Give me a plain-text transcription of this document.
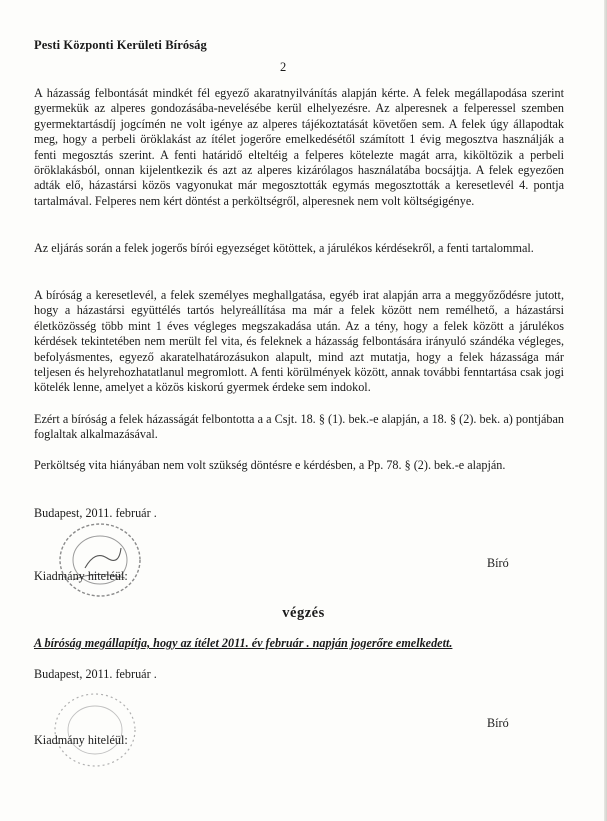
Pesti Központi Kerületi Bíróság
2
A házasság felbontását mindkét fél egyező akaratnyilvánítás alapján kérte. A felek megállapodása szerint gyermekük az alperes gondozásába-nevelésébe kerül elhelyezésre. Az alperesnek a felperessel szemben gyermektartásdíj jogcímén ne volt igénye az alperes tájékoztatását követően sem. A felek úgy állapodtak meg, hogy a perbeli öröklakást az ítélet jogerőre emelkedésétől számított 1 évig megosztva használják a fenti megosztás szerint. A fenti határidő elteltéig a felperes kötelezte magát arra, kiköltözik a perbeli öröklakásból, onnan kijelentkezik és azt az alperes kizárólagos használatába bocsájtja. A felek egyezően adták elő, házastársi közös vagyonukat már megosztották egymás megosztották a keresetlevél 4. pontja tartalmával. Felperes nem kért döntést a perköltségről, alperesnek nem volt költségigénye.
Az eljárás során a felek jogerős bírói egyezséget kötöttek, a járulékos kérdésekről, a fenti tartalommal.
A bíróság a keresetlevél, a felek személyes meghallgatása, egyéb irat alapján arra a meggyőződésre jutott, hogy a házastársi együttélés tartós helyreállítása ma már a felek között nem remélhető, a házastársi életközösség több mint 1 éves végleges megszakadása után. Az a tény, hogy a felek között a járulékos kérdések tekintetében nem merült fel vita, és feleknek a házasság felbontására irányuló szándéka végleges, befolyásmentes, egyező akaratelhatározásukon alapult, mind azt mutatja, hogy a felek házassága már teljesen és helyrehozhatatlanul megromlott. A fenti körülmények között, annak további fenntartása csak jogi kötelék lenne, amelyet a közös kiskorú gyermek érdeke sem indokol.
Ezért a bíróság a felek házasságát felbontotta a a Csjt. 18. § (1). bek.-e alapján, a 18. § (2). bek. a) pontjában foglaltak alkalmazásával.
Perköltség vita hiányában nem volt szükség döntésre e kérdésben, a Pp. 78. § (2). bek.-e alapján.
Budapest, 2011. február .
Kiadmány hiteléül:
Bíró
végzés
A bíróság megállapítja, hogy az ítélet 2011. év február . napján jogerőre emelkedett.
Budapest, 2011. február .
Kiadmány hiteléül:
Bíró
